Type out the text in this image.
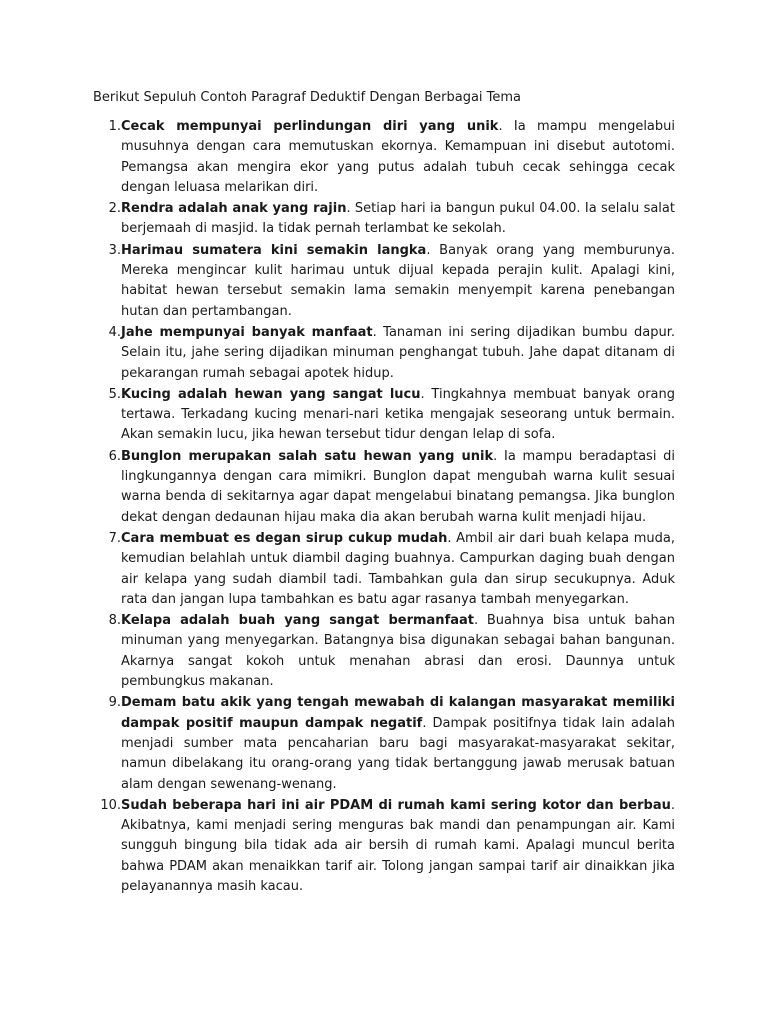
Berikut Sepuluh Contoh Paragraf Deduktif Dengan Berbagai Tema
1. Cecak mempunyai perlindungan diri yang unik. Ia mampu mengelabui musuhnya dengan cara memutuskan ekornya. Kemampuan ini disebut autotomi. Pemangsa akan mengira ekor yang putus adalah tubuh cecak sehingga cecak dengan leluasa melarikan diri.
2. Rendra adalah anak yang rajin. Setiap hari ia bangun pukul 04.00. Ia selalu salat berjemaah di masjid. Ia tidak pernah terlambat ke sekolah.
3. Harimau sumatera kini semakin langka. Banyak orang yang memburunya. Mereka mengincar kulit harimau untuk dijual kepada perajin kulit. Apalagi kini, habitat hewan tersebut semakin lama semakin menyempit karena penebangan hutan dan pertambangan.
4. Jahe mempunyai banyak manfaat. Tanaman ini sering dijadikan bumbu dapur. Selain itu, jahe sering dijadikan minuman penghangat tubuh. Jahe dapat ditanam di pekarangan rumah sebagai apotek hidup.
5. Kucing adalah hewan yang sangat lucu. Tingkahnya membuat banyak orang tertawa. Terkadang kucing menari-nari ketika mengajak seseorang untuk bermain. Akan semakin lucu, jika hewan tersebut tidur dengan lelap di sofa.
6. Bunglon merupakan salah satu hewan yang unik. Ia mampu beradaptasi di lingkungannya dengan cara mimikri. Bunglon dapat mengubah warna kulit sesuai warna benda di sekitarnya agar dapat mengelabui binatang pemangsa. Jika bunglon dekat dengan dedaunan hijau maka dia akan berubah warna kulit menjadi hijau.
7. Cara membuat es degan sirup cukup mudah. Ambil air dari buah kelapa muda, kemudian belahlah untuk diambil daging buahnya. Campurkan daging buah dengan air kelapa yang sudah diambil tadi. Tambahkan gula dan sirup secukupnya. Aduk rata dan jangan lupa tambahkan es batu agar rasanya tambah menyegarkan.
8. Kelapa adalah buah yang sangat bermanfaat. Buahnya bisa untuk bahan minuman yang menyegarkan. Batangnya bisa digunakan sebagai bahan bangunan. Akarnya sangat kokoh untuk menahan abrasi dan erosi. Daunnya untuk pembungkus makanan.
9. Demam batu akik yang tengah mewabah di kalangan masyarakat memiliki dampak positif maupun dampak negatif. Dampak positifnya tidak lain adalah menjadi sumber mata pencaharian baru bagi masyarakat-masyarakat sekitar, namun dibelakang itu orang-orang yang tidak bertanggung jawab merusak batuan alam dengan sewenang-wenang.
10. Sudah beberapa hari ini air PDAM di rumah kami sering kotor dan berbau. Akibatnya, kami menjadi sering menguras bak mandi dan penampungan air. Kami sungguh bingung bila tidak ada air bersih di rumah kami. Apalagi muncul berita bahwa PDAM akan menaikkan tarif air. Tolong jangan sampai tarif air dinaikkan jika pelayanannya masih kacau.
